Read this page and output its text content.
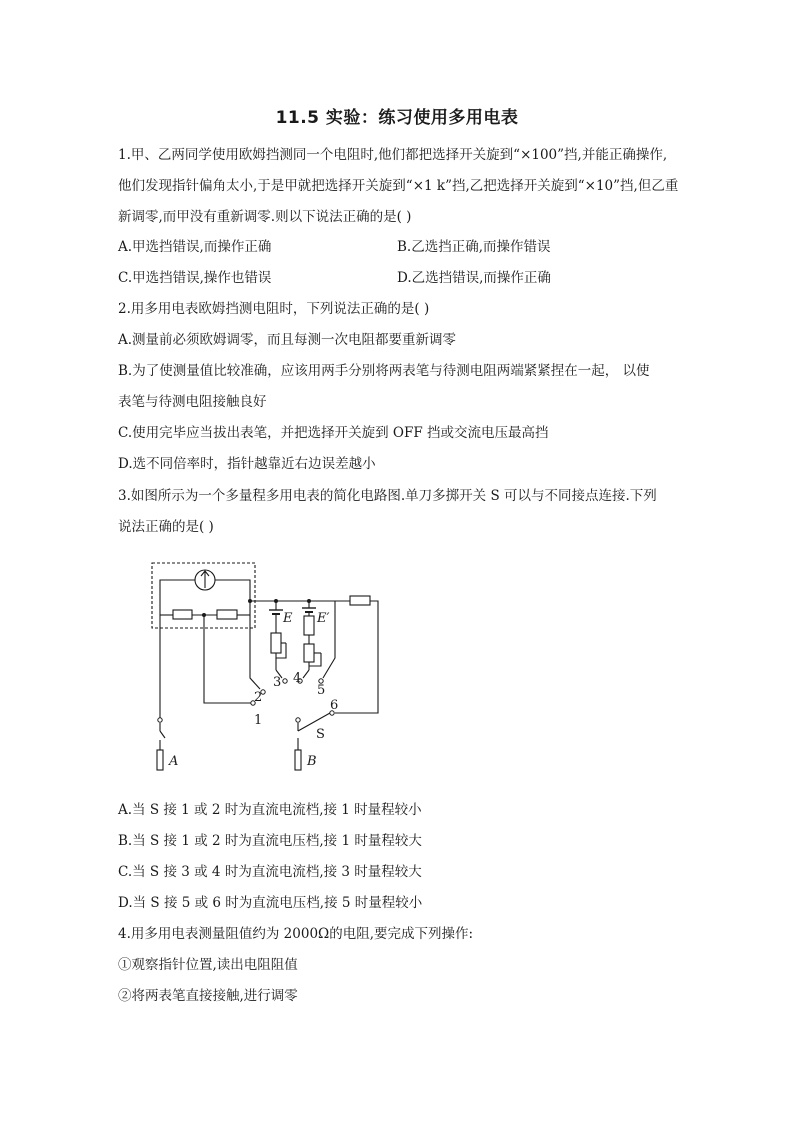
11.5 实验：练习使用多用电表
1.甲、乙两同学使用欧姆挡测同一个电阻时,他们都把选择开关旋到“×100”挡,并能正确操作,
他们发现指针偏角太小,于是甲就把选择开关旋到“×1 k”挡,乙把选择开关旋到“×10”挡,但乙重
新调零,而甲没有重新调零.则以下说法正确的是( )
A.甲选挡错误,而操作正确	B.乙选挡正确,而操作错误
C.甲选挡错误,操作也错误	D.乙选挡错误,而操作正确
2.用多用电表欧姆挡测电阻时，下列说法正确的是( )
A.测量前必须欧姆调零，而且每测一次电阻都要重新调零
B.为了使测量值比较准确，应该用两手分别将两表笔与待测电阻两端紧紧捏在一起， 以使
表笔与待测电阻接触良好
C.使用完毕应当拔出表笔，并把选择开关旋到 OFF 挡或交流电压最高挡
D.选不同倍率时，指针越靠近右边误差越小
3.如图所示为一个多量程多用电表的简化电路图.单刀多掷开关 S 可以与不同接点连接.下列
说法正确的是( )
E E′
1
2
3 4
5
6
S
A	B
A.当 S 接 1 或 2 时为直流电流档,接 1 时量程较小
B.当 S 接 1 或 2 时为直流电压档,接 1 时量程较大
C.当 S 接 3 或 4 时为直流电流档,接 3 时量程较大
D.当 S 接 5 或 6 时为直流电压档,接 5 时量程较小
4.用多用电表测量阻值约为 2000Ω的电阻,要完成下列操作:
①观察指针位置,读出电阻阻值
②将两表笔直接接触,进行调零
